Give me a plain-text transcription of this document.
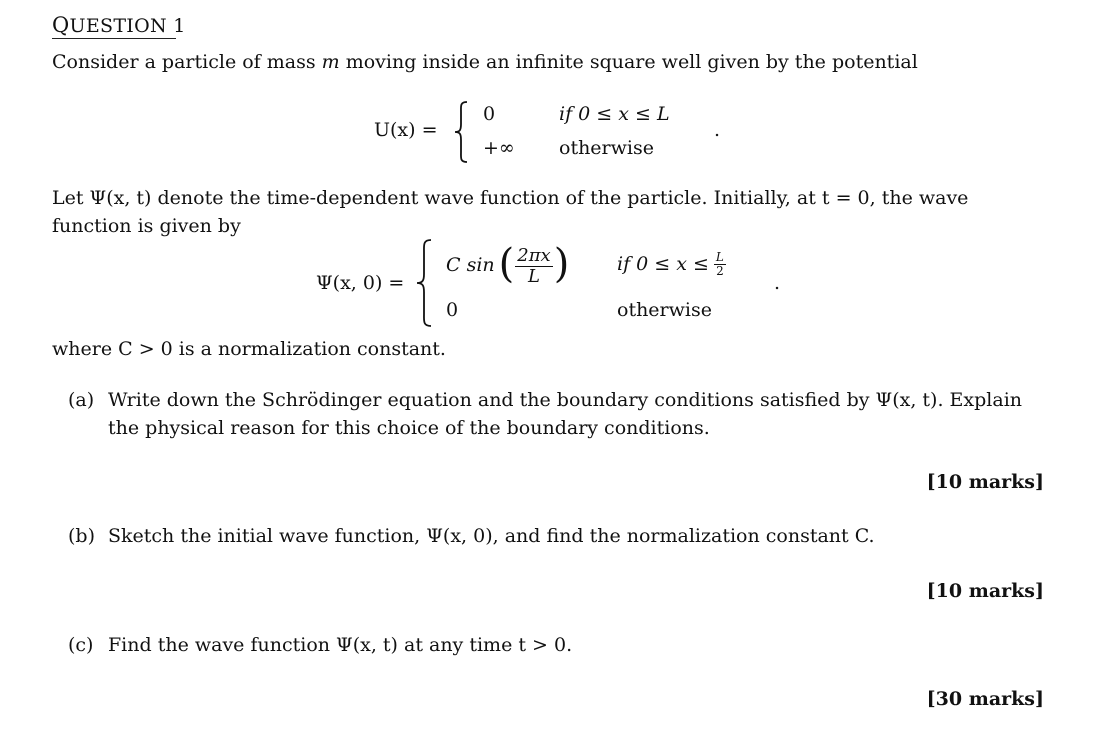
QUESTION 1
Consider a particle of mass m moving inside an infinite square well given by the potential
U(x) =
0	if 0 ≤ x ≤ L
+∞ otherwise
.
Let Ψ(x, t) denote the time-dependent wave function of the particle. Initially, at t = 0, the wave
function is given by
Ψ(x, 0) =
C sin ( $\frac{2\pi x}{L}$ )	if $0 \le x \le \frac{L}{2}$
0	otherwise
.
where C > 0 is a normalization constant.
(a) Write down the Schrödinger equation and the boundary conditions satisfied by Ψ(x, t). Explain
the physical reason for this choice of the boundary conditions.
[10 marks]
(b) Sketch the initial wave function, Ψ(x, 0), and find the normalization constant C.
[10 marks]
(c) Find the wave function Ψ(x, t) at any time t > 0.
[30 marks]
